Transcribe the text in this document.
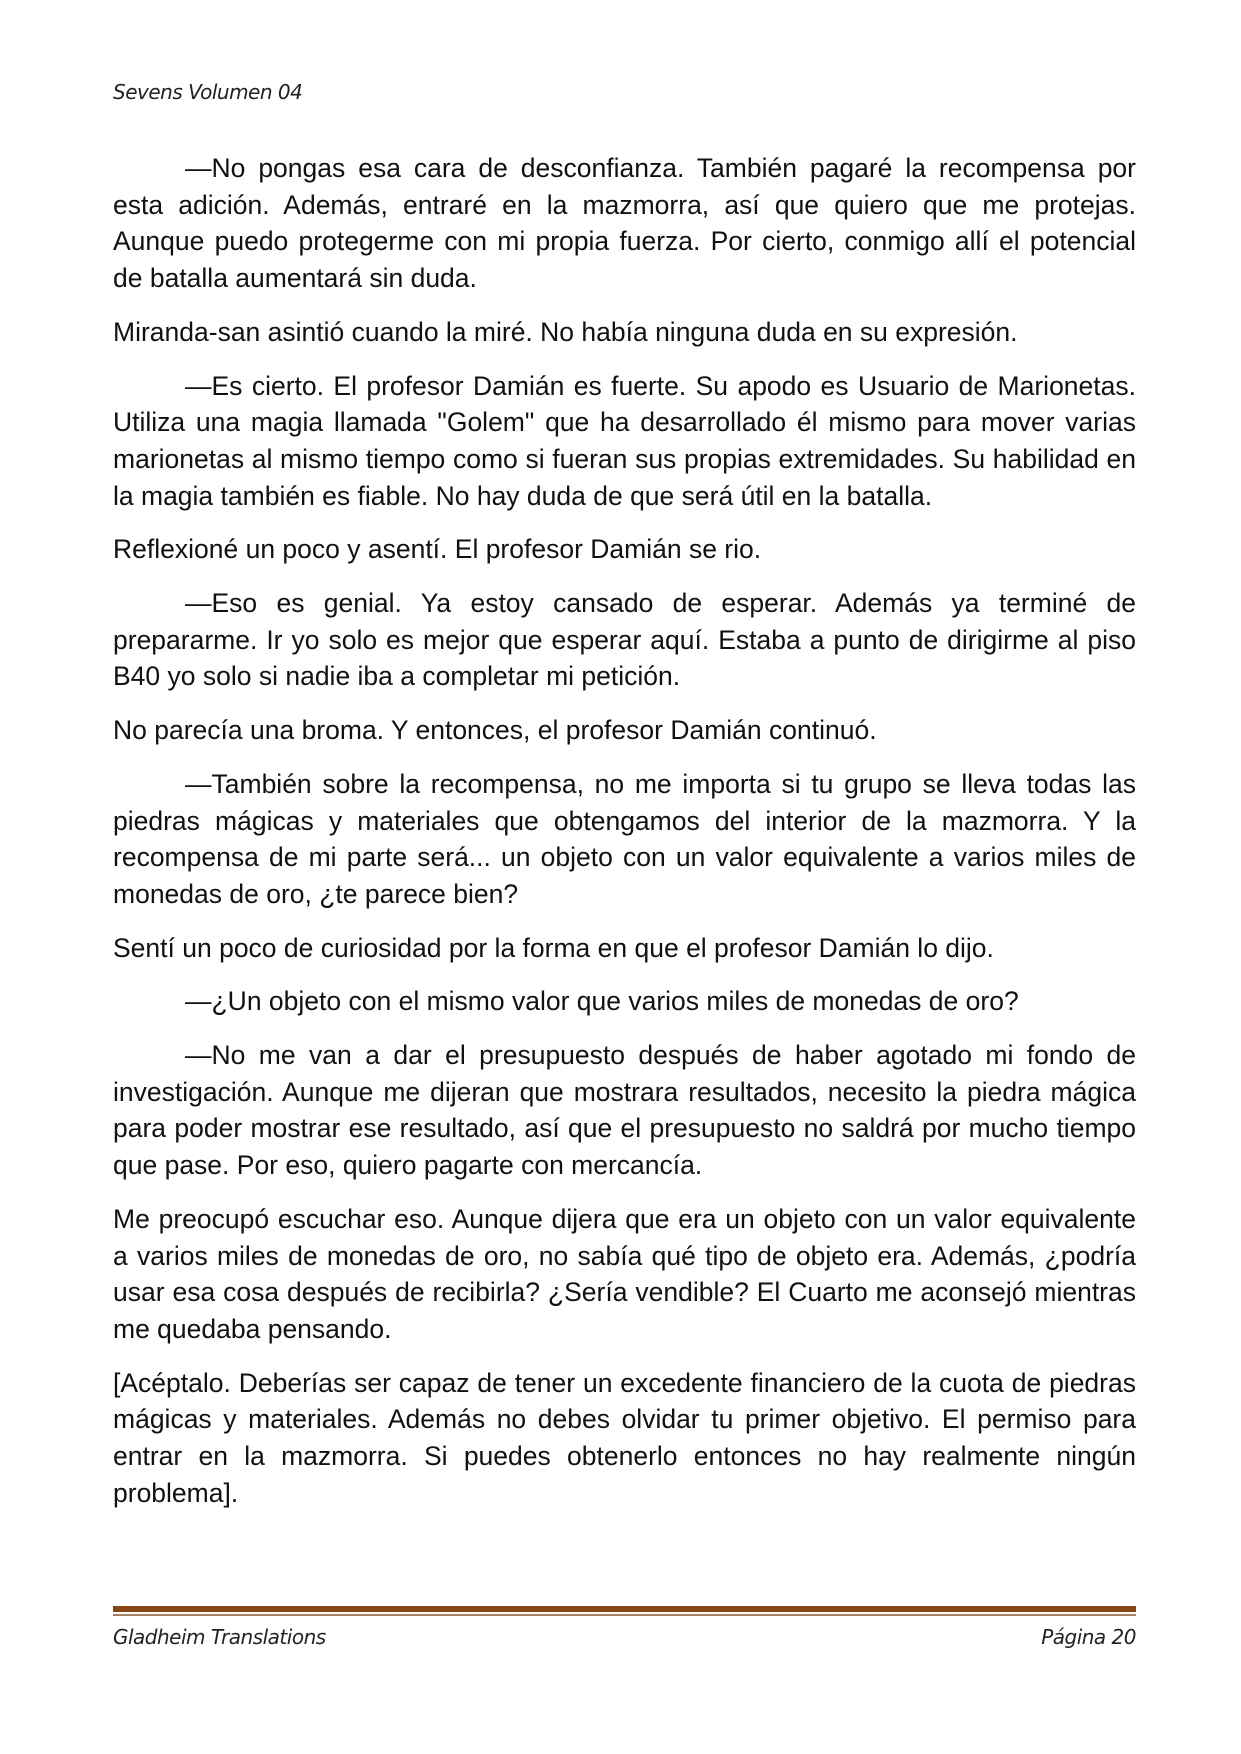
Sevens Volumen 04

—No pongas esa cara de desconfianza. También pagaré la recompensa por esta adición. Además, entraré en la mazmorra, así que quiero que me protejas. Aunque puedo protegerme con mi propia fuerza. Por cierto, conmigo allí el potencial de batalla aumentará sin duda.

Miranda-san asintió cuando la miré. No había ninguna duda en su expresión.

—Es cierto. El profesor Damián es fuerte. Su apodo es Usuario de Marionetas. Utiliza una magia llamada "Golem" que ha desarrollado él mismo para mover varias marionetas al mismo tiempo como si fueran sus propias extremidades. Su habilidad en la magia también es fiable. No hay duda de que será útil en la batalla.

Reflexioné un poco y asentí. El profesor Damián se rio.

—Eso es genial. Ya estoy cansado de esperar. Además ya terminé de prepararme. Ir yo solo es mejor que esperar aquí. Estaba a punto de dirigirme al piso B40 yo solo si nadie iba a completar mi petición.

No parecía una broma. Y entonces, el profesor Damián continuó.

—También sobre la recompensa, no me importa si tu grupo se lleva todas las piedras mágicas y materiales que obtengamos del interior de la mazmorra. Y la recompensa de mi parte será... un objeto con un valor equivalente a varios miles de monedas de oro, ¿te parece bien?

Sentí un poco de curiosidad por la forma en que el profesor Damián lo dijo.

—¿Un objeto con el mismo valor que varios miles de monedas de oro?

—No me van a dar el presupuesto después de haber agotado mi fondo de investigación. Aunque me dijeran que mostrara resultados, necesito la piedra mágica para poder mostrar ese resultado, así que el presupuesto no saldrá por mucho tiempo que pase. Por eso, quiero pagarte con mercancía.

Me preocupó escuchar eso. Aunque dijera que era un objeto con un valor equivalente a varios miles de monedas de oro, no sabía qué tipo de objeto era. Además, ¿podría usar esa cosa después de recibirla? ¿Sería vendible? El Cuarto me aconsejó mientras me quedaba pensando.

[Acéptalo. Deberías ser capaz de tener un excedente financiero de la cuota de piedras mágicas y materiales. Además no debes olvidar tu primer objetivo. El permiso para entrar en la mazmorra. Si puedes obtenerlo entonces no hay realmente ningún problema].

Gladheim Translations	Página 20
